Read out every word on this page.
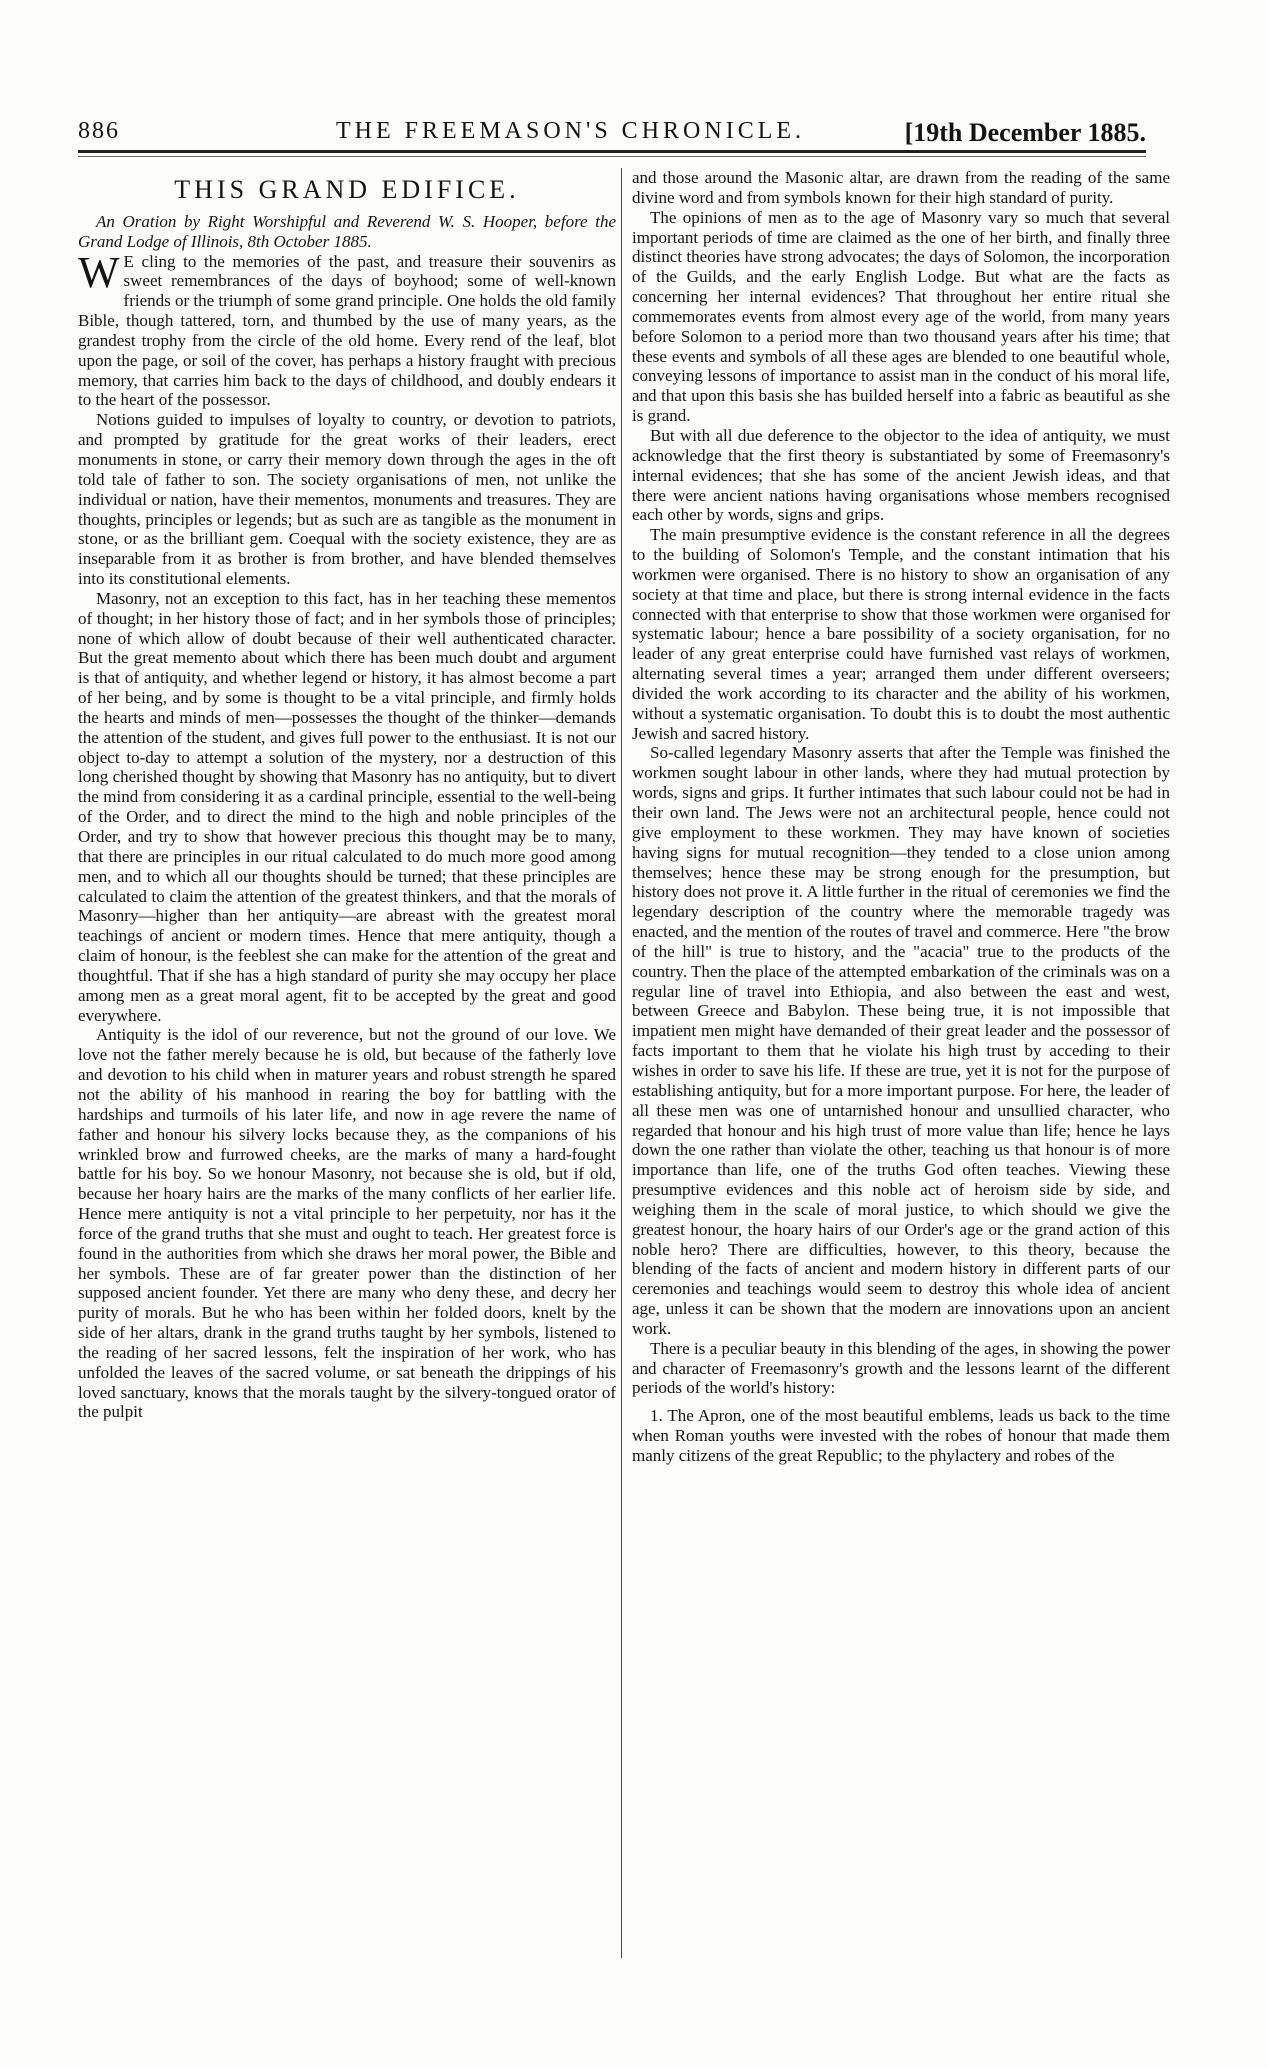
886	THE FREEMASON'S CHRONICLE.	[19th December 1885.
THIS GRAND EDIFICE.

An Oration by Right Worshipful and Reverend W. S. Hooper, before the Grand Lodge of Illinois, 8th October 1885.

W E cling to the memories of the past, and treasure their souvenirs as sweet remembrances of the days of boyhood; some of well-known friends or the triumph of some grand principle. One holds the old family Bible, though tattered, torn, and thumbed by the use of many years, as the grandest trophy from the circle of the old home. Every rend of the leaf, blot upon the page, or soil of the cover, has perhaps a history fraught with precious memory, that carries him back to the days of childhood, and doubly endears it to the heart of the possessor.

Notions guided to impulses of loyalty to country, or devotion to patriots, and prompted by gratitude for the great works of their leaders, erect monuments in stone, or carry their memory down through the ages in the oft told tale of father to son. The society organisations of men, not unlike the individual or nation, have their mementos, monuments and treasures. They are thoughts, principles or legends; but as such are as tangible as the monument in stone, or as the brilliant gem. Coequal with the society existence, they are as inseparable from it as brother is from brother, and have blended themselves into its constitutional elements.

Masonry, not an exception to this fact, has in her teaching these mementos of thought; in her history those of fact; and in her symbols those of principles; none of which allow of doubt because of their well authenticated character. But the great memento about which there has been much doubt and argument is that of antiquity, and whether legend or history, it has almost become a part of her being, and by some is thought to be a vital principle, and firmly holds the hearts and minds of men—possesses the thought of the thinker—demands the attention of the student, and gives full power to the enthusiast. It is not our object to-day to attempt a solution of the mystery, nor a destruction of this long cherished thought by showing that Masonry has no antiquity, but to divert the mind from considering it as a cardinal principle, essential to the well-being of the Order, and to direct the mind to the high and noble principles of the Order, and try to show that however precious this thought may be to many, that there are principles in our ritual calculated to do much more good among men, and to which all our thoughts should be turned; that these principles are calculated to claim the attention of the greatest thinkers, and that the morals of Masonry—higher than her antiquity—are abreast with the greatest moral teachings of ancient or modern times. Hence that mere antiquity, though a claim of honour, is the feeblest she can make for the attention of the great and thoughtful. That if she has a high standard of purity she may occupy her place among men as a great moral agent, fit to be accepted by the great and good everywhere.

Antiquity is the idol of our reverence, but not the ground of our love. We love not the father merely because he is old, but because of the fatherly love and devotion to his child when in maturer years and robust strength he spared not the ability of his manhood in rearing the boy for battling with the hardships and turmoils of his later life, and now in age revere the name of father and honour his silvery locks because they, as the companions of his wrinkled brow and furrowed cheeks, are the marks of many a hard-fought battle for his boy. So we honour Masonry, not because she is old, but if old, because her hoary hairs are the marks of the many conflicts of her earlier life. Hence mere antiquity is not a vital principle to her perpetuity, nor has it the force of the grand truths that she must and ought to teach. Her greatest force is found in the authorities from which she draws her moral power, the Bible and her symbols. These are of far greater power than the distinction of her supposed ancient founder. Yet there are many who deny these, and decry her purity of morals. But he who has been within her folded doors, knelt by the side of her altars, drank in the grand truths taught by her symbols, listened to the reading of her sacred lessons, felt the inspiration of her work, who has unfolded the leaves of the sacred volume, or sat beneath the drippings of his loved sanctuary, knows that the morals taught by the silvery-tongued orator of the pulpit

and those around the Masonic altar, are drawn from the reading of the same divine word and from symbols known for their high standard of purity.

The opinions of men as to the age of Masonry vary so much that several important periods of time are claimed as the one of her birth, and finally three distinct theories have strong advocates; the days of Solomon, the incorporation of the Guilds, and the early English Lodge. But what are the facts as concerning her internal evidences? That throughout her entire ritual she commemorates events from almost every age of the world, from many years before Solomon to a period more than two thousand years after his time; that these events and symbols of all these ages are blended to one beautiful whole, conveying lessons of importance to assist man in the conduct of his moral life, and that upon this basis she has builded herself into a fabric as beautiful as she is grand.

But with all due deference to the objector to the idea of antiquity, we must acknowledge that the first theory is substantiated by some of Freemasonry's internal evidences; that she has some of the ancient Jewish ideas, and that there were ancient nations having organisations whose members recognised each other by words, signs and grips.

The main presumptive evidence is the constant reference in all the degrees to the building of Solomon's Temple, and the constant intimation that his workmen were organised. There is no history to show an organisation of any society at that time and place, but there is strong internal evidence in the facts connected with that enterprise to show that those workmen were organised for systematic labour; hence a bare possibility of a society organisation, for no leader of any great enterprise could have furnished vast relays of workmen, alternating several times a year; arranged them under different overseers; divided the work according to its character and the ability of his workmen, without a systematic organisation. To doubt this is to doubt the most authentic Jewish and sacred history.

So-called legendary Masonry asserts that after the Temple was finished the workmen sought labour in other lands, where they had mutual protection by words, signs and grips. It further intimates that such labour could not be had in their own land. The Jews were not an architectural people, hence could not give employment to these workmen. They may have known of societies having signs for mutual recognition—they tended to a close union among themselves; hence these may be strong enough for the presumption, but history does not prove it. A little further in the ritual of ceremonies we find the legendary description of the country where the memorable tragedy was enacted, and the mention of the routes of travel and commerce. Here "the brow of the hill" is true to history, and the "acacia" true to the products of the country. Then the place of the attempted embarkation of the criminals was on a regular line of travel into Ethiopia, and also between the east and west, between Greece and Babylon. These being true, it is not impossible that impatient men might have demanded of their great leader and the possessor of facts important to them that he violate his high trust by acceding to their wishes in order to save his life. If these are true, yet it is not for the purpose of establishing antiquity, but for a more important purpose. For here, the leader of all these men was one of untarnished honour and unsullied character, who regarded that honour and his high trust of more value than life; hence he lays down the one rather than violate the other, teaching us that honour is of more importance than life, one of the truths God often teaches. Viewing these presumptive evidences and this noble act of heroism side by side, and weighing them in the scale of moral justice, to which should we give the greatest honour, the hoary hairs of our Order's age or the grand action of this noble hero? There are difficulties, however, to this theory, because the blending of the facts of ancient and modern history in different parts of our ceremonies and teachings would seem to destroy this whole idea of ancient age, unless it can be shown that the modern are innovations upon an ancient work.

There is a peculiar beauty in this blending of the ages, in showing the power and character of Freemasonry's growth and the lessons learnt of the different periods of the world's history:

1. The Apron, one of the most beautiful emblems, leads us back to the time when Roman youths were invested with the robes of honour that made them manly citizens of the great Republic; to the phylactery and robes of the
